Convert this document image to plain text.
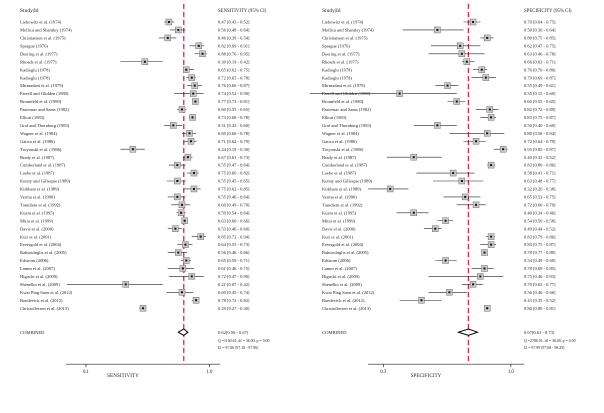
Study|Id	SENSITIVITY (95% CI)
Liebowitz et al. (1974)	0.47 [0.43 - 0.52]
Mollica and Shantley (1974)	0.56 [0.48 - 0.64]
Christiansen et al. (1975)	0.46 [0.39 - 0.54]
Sprague (1976)	0.82 [0.69 - 0.91]
Deering et al. (1977)	0.88 [0.76 - 0.95]
Rhoads et al. (1977)	0.30 [0.19 - 0.42]
Kadioglu (1978)	0.65 [0.62 - 0.75]
Kadioglu (1978)	0.72 [0.65 - 0.78]
Mirmadani et al. (1979)	0.76 [0.66 - 0.87]
Farrell and Glidden (1980)	0.74 [0.52 - 0.90]
Bronnfeld et al. (1980)	0.77 [0.73 - 0.81]
Pasternac and Sams (1982)	0.60 [0.55 - 0.65]
Elliott (1983)	0.73 [0.68 - 0.78]
Graf and Thornburg (1983)	0.51 [0.43 - 0.60]
Wagner et al. (1984)	0.69 [0.60 - 0.78]
Gatica et al. (1986)	0.71 [0.62 - 0.79]
Troyonski et al. (1986)	0.24 [0.19 - 0.30]
Brady et al. (1987)	0.67 [0.61 - 0.73]
Cumberland et al. (1987)	0.55 [0.47 - 0.64]
Loebe et al. (1987)	0.75 [0.66 - 0.82]
Kenny and Gillespie (1989)	0.55 [0.45 - 0.65]
Kirkham et al. (1989)	0.75 [0.62 - 0.85]
Verma et al. (1990)	0.55 [0.46 - 0.64]
Trandiem et al. (1992)	0.60 [0.49 - 0.70]
Kuzm et al. (1995)	0.59 [0.54 - 0.64]
Mitra et al. (1999)	0.63 [0.60 - 0.66]
Davis et al. (2000)	0.53 [0.46 - 0.60]
Kuri et al. (2001)	0.85 [0.72 - 0.94]
Eversgold et al. (2004)	0.64 [0.55 - 0.73]
Rabsoulnglis et al. (2005)	0.56 [0.46 - 0.66]
Edstrom (2006)	0.65 [0.59 - 0.71]
Lamm et al. (2007)	0.61 [0.46 - 0.75]
Higuchi et al. (2009)	0.72 [0.47 - 0.90]
Shenelko et al. (2009)	0.21 [0.07 - 0.42]
Kwai Ping Suen et al. (2012)	0.60 [0.45 - 0.74]
Bondevick et al. (2012)	0.78 [0.72 - 0.82]
Christoffersen et al. (2013)	0.29 [0.27 - 0.30]
COMBINED	0.62[0.56 - 0.67]
Q =1160.61, df = 36.00, p = 0.00
I2 = 97.06 [97.18 - 97.96]
0.1	1.0
SENSITIVITY
Study|Id	SPECIFICITY (95% CI)
Liebowitz et al. (1974)	0.70 [0.64 - 0.75]
Mollica and Shantley (1974)	0.50 [0.36 - 0.64]
Christiansen et al. (1975)	0.80 [0.75 - 0.85]
Sprague (1976)	0.62 [0.47 - 0.75]
Deering et al. (1977)	0.63 [0.46 - 0.78]
Rhoads et al. (1977)	0.66 [0.63 - 0.71]
Kadioglu (1978)	0.76 [0.70 - 0.80]
Kadioglu (1978)	0.79 [0.69 - 0.87]
Mirmadani et al. (1979)	0.55 [0.49 - 0.61]
Farrell and Glidden (1980)	0.35 [0.15 - 0.60]
Bronnfeld et al. (1980)	0.60 [0.55 - 0.65]
Pasternac and Sams (1982)	0.82 [0.72 - 0.89]
Elliott (1983)	0.83 [0.75 - 0.87]
Graf and Thornburg (1983)	0.50 [0.40 - 0.60]
Wagner et al. (1984)	0.80 [0.56 - 0.94]
Gatica et al. (1986)	0.72 [0.64 - 0.79]
Troyonski et al. (1986)	0.93 [0.85 - 0.97]
Brady et al. (1987)	0.40 [0.31 - 0.52]
Cumberland et al. (1987)	0.83 [0.80 - 0.86]
Loebe et al. (1987)	0.58 [0.41 - 0.71]
Kenny and Gillespie (1989)	0.63 [0.48 - 0.77]
Kirkham et al. (1989)	0.32 [0.26 - 0.38]
Verma et al. (1990)	0.65 [0.53 - 0.75]
Trandiem et al. (1992)	0.72 [0.60 - 0.79]
Kuzm et al. (1995)	0.40 [0.34 - 0.46]
Mitra et al. (1999)	0.54 [0.50 - 0.58]
Davis et al. (2000)	0.49 [0.44 - 0.52]
Kuri et al. (2001)	0.83 [0.79 - 0.86]
Eversgold et al. (2004)	0.83 [0.75 - 0.87]
Rabsoulnglis et al. (2005)	0.78 [0.77 - 0.80]
Edstrom (2006)	0.54 [0.49 - 0.60]
Lamm et al. (2007)	0.78 [0.69 - 0.85]
Higuchi et al. (2009)	0.75 [0.46 - 0.93]
Shenelko et al. (2009)	0.70 [0.63 - 0.77]
Kwai Ping Suen et al. (2012)	0.56 [0.46 - 0.66]
Bondevick et al. (2012)	0.43 [0.35 - 0.52]
Christoffersen et al. (2013)	0.80 [0.80 - 0.81]
COMBINED	0.67[0.61 - 0.73]
Q =2786.01, df = 36.00, p = 0.00
I2 = 97.99 [97.68 - 98.29]
0.3	1.0
SPECIFICITY
